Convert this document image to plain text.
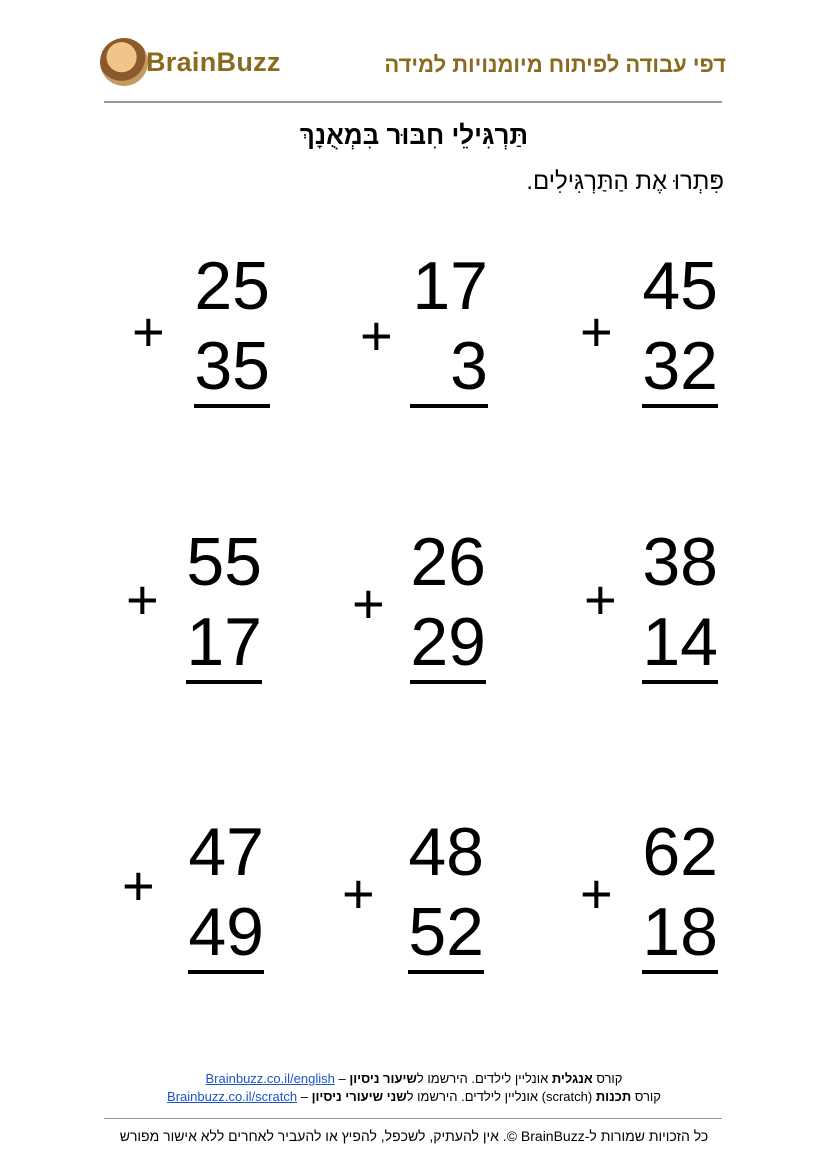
BrainBuzz	דפי עבודה לפיתוח מיומנויות למידה
תַּרְגִּילֵי חִבּוּר בִּמְאֻנָךְ
פִּתְרוּ אֶת הַתַּרְגִּילִים.
+
45
32
+
17
3
+
25
35
+ 38
14
+
26
29
+ 55
17
+
62
18
+
48
52
+ 47
49
קורס אנגלית אונליין לילדים. הירשמו לשיעור ניסיון – Brainbuzz.co.il/english
קורס תכנות (scratch) אונליין לילדים. הירשמו לשני שיעורי ניסיון – Brainbuzz.co.il/scratch
כל הזכויות שמורות ל-BrainBuzz ©. אין להעתיק, לשכפל, להפיץ או להעביר לאחרים ללא אישור מפורש
